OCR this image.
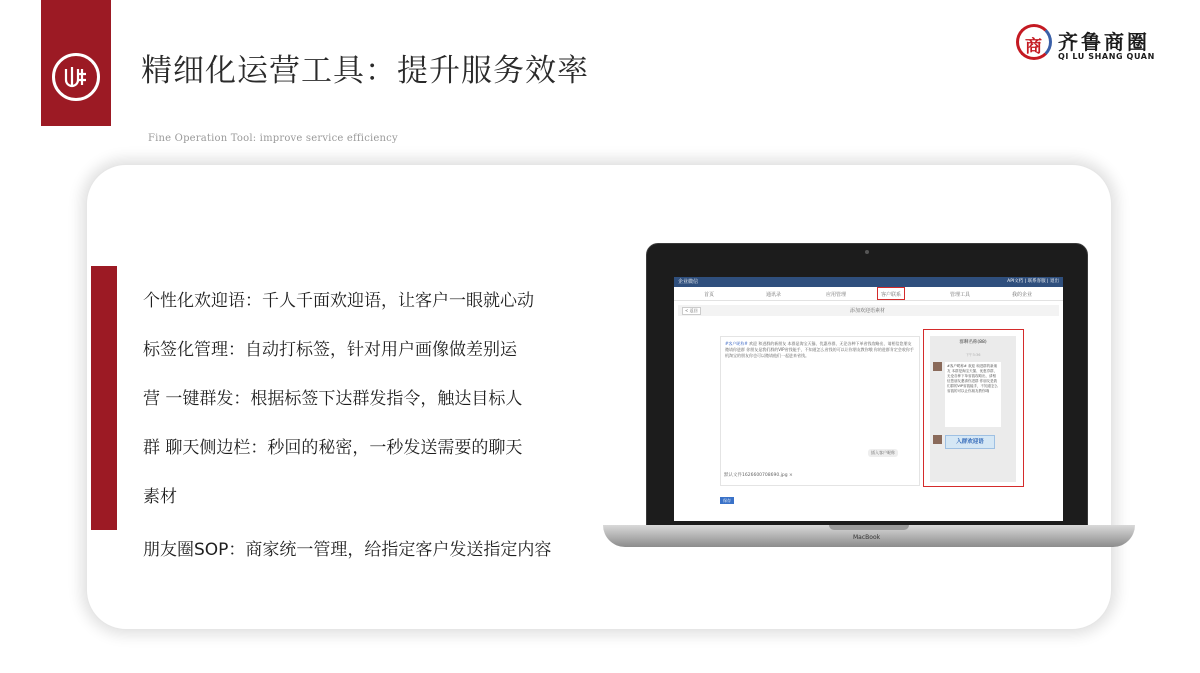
精细化运营工具：提升服务效率
Fine Operation Tool: improve service efficiency
商 齐鲁商圈
QI LU SHANG QUAN
个性化欢迎语：千人千面欢迎语，让客户一眼就心动
标签化管理：自动打标签，针对用户画像做差别运
营 一键群发：根据标签下达群发指令，触达目标人
群 聊天侧边栏：秒回的秘密，一秒发送需要的聊天
素材
朋友圈SOP：商家统一管理，给指定客户发送指定内容
企业微信	API文档 | 联系客服 | 退出
首页	通讯录	应用管理	客户联系	管理工具	我的企业
< 返回	添加欢迎语素材
#客户昵称# 欢迎 和进群的新朋友 本群是淘宝天猫、优惠券群，无论各种下单省钱攻略出，请相信您朋友邀请你进群 你朋友是我们群的VIP省钱能手，不知道怎么省钱的可以让你朋友教你哦 你的进群肯定会收你手机淘宝的朋友你也可以邀请他们一起进来省钱。
插入客户昵称
默认文件1626600708690.jpg ×
保存
群聊名称(88)
下午3:36
#客户昵称# 欢迎 和进群的新朋友 本群是淘宝天猫、优惠券群，无论各种下单省钱攻略出，请相信您朋友邀请你进群 你朋友是我们群的VIP省钱能手，不知道怎么省钱的可以让你朋友教你哦
入群欢迎语
MacBook
